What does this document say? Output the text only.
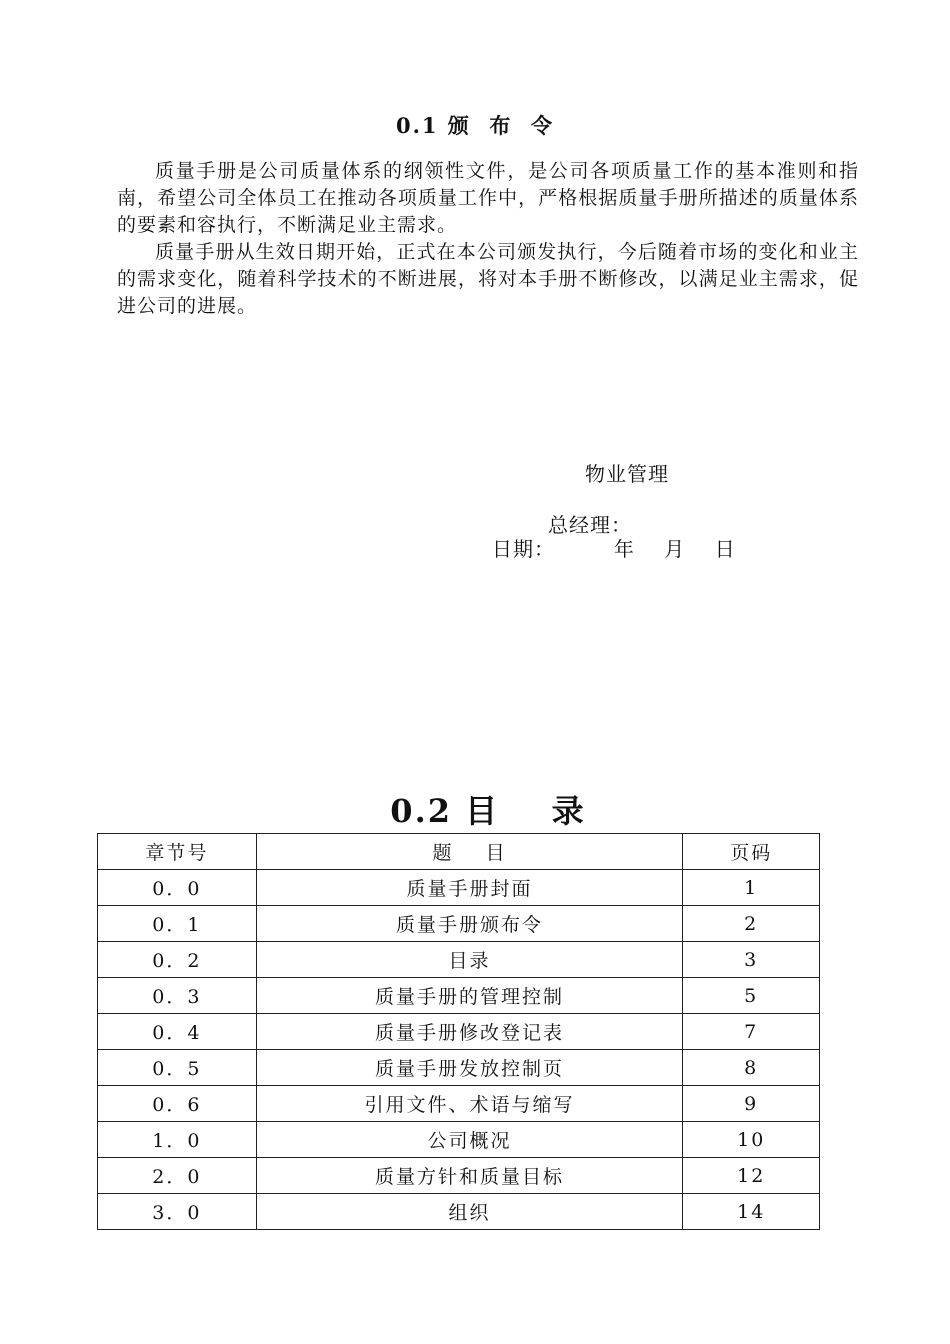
0.1 颁  布  令

质量手册是公司质量体系的纲领性文件，是公司各项质量工作的基本准则和指南，希望公司全体员工在推动各项质量工作中，严格根据质量手册所描述的质量体系的要素和容执行，不断满足业主需求。

质量手册从生效日期开始，正式在本公司颁发执行，今后随着市场的变化和业主的需求变化，随着科学技术的不断进展，将对本手册不断修改，以满足业主需求，促进公司的进展。

物业管理
总经理：
日期：        年    月    日
0.2 目    录
章节号	题    目	页码
0．0	质量手册封面	1
0．1	质量手册颁布令	2
0．2	目录	3
0．3	质量手册的管理控制	5
0．4	质量手册修改登记表	7
0．5	质量手册发放控制页	8
0．6	引用文件、术语与缩写	9
1．0	公司概况	10
2．0	质量方针和质量目标	12
3．0	组织	14
